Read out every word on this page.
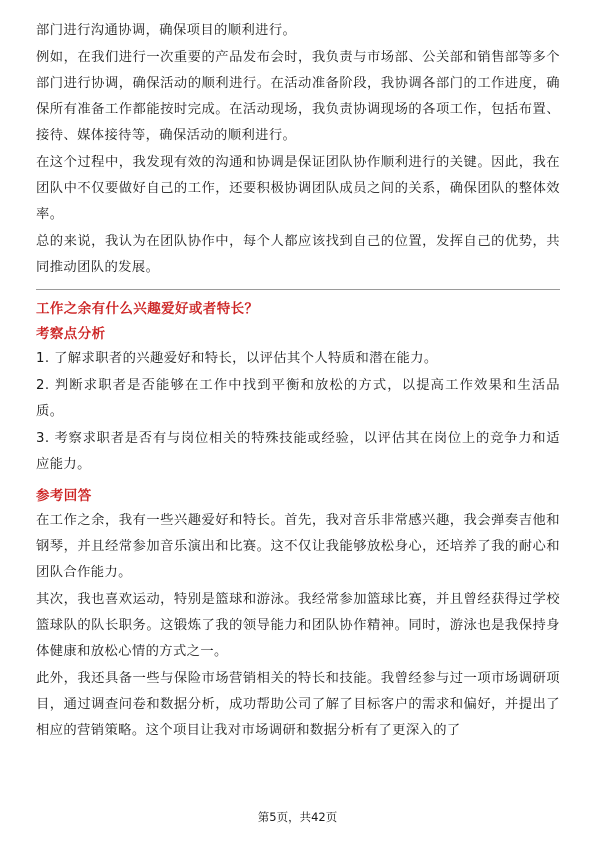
部门进行沟通协调，确保项目的顺利进行。

例如，在我们进行一次重要的产品发布会时，我负责与市场部、公关部和销售部等多个部门进行协调，确保活动的顺利进行。在活动准备阶段，我协调各部门的工作进度，确保所有准备工作都能按时完成。在活动现场，我负责协调现场的各项工作，包括布置、接待、媒体接待等，确保活动的顺利进行。

在这个过程中，我发现有效的沟通和协调是保证团队协作顺利进行的关键。因此，我在团队中不仅要做好自己的工作，还要积极协调团队成员之间的关系，确保团队的整体效率。

总的来说，我认为在团队协作中，每个人都应该找到自己的位置，发挥自己的优势，共同推动团队的发展。

工作之余有什么兴趣爱好或者特长？

考察点分析

1. 了解求职者的兴趣爱好和特长，以评估其个人特质和潜在能力。

2. 判断求职者是否能够在工作中找到平衡和放松的方式，以提高工作效果和生活品质。

3. 考察求职者是否有与岗位相关的特殊技能或经验，以评估其在岗位上的竞争力和适应能力。

参考回答

在工作之余，我有一些兴趣爱好和特长。首先，我对音乐非常感兴趣，我会弹奏吉他和钢琴，并且经常参加音乐演出和比赛。这不仅让我能够放松身心，还培养了我的耐心和团队合作能力。

其次，我也喜欢运动，特别是篮球和游泳。我经常参加篮球比赛，并且曾经获得过学校篮球队的队长职务。这锻炼了我的领导能力和团队协作精神。同时，游泳也是我保持身体健康和放松心情的方式之一。

此外，我还具备一些与保险市场营销相关的特长和技能。我曾经参与过一项市场调研项目，通过调查问卷和数据分析，成功帮助公司了解了目标客户的需求和偏好，并提出了相应的营销策略。这个项目让我对市场调研和数据分析有了更深入的了

第5页，共42页
